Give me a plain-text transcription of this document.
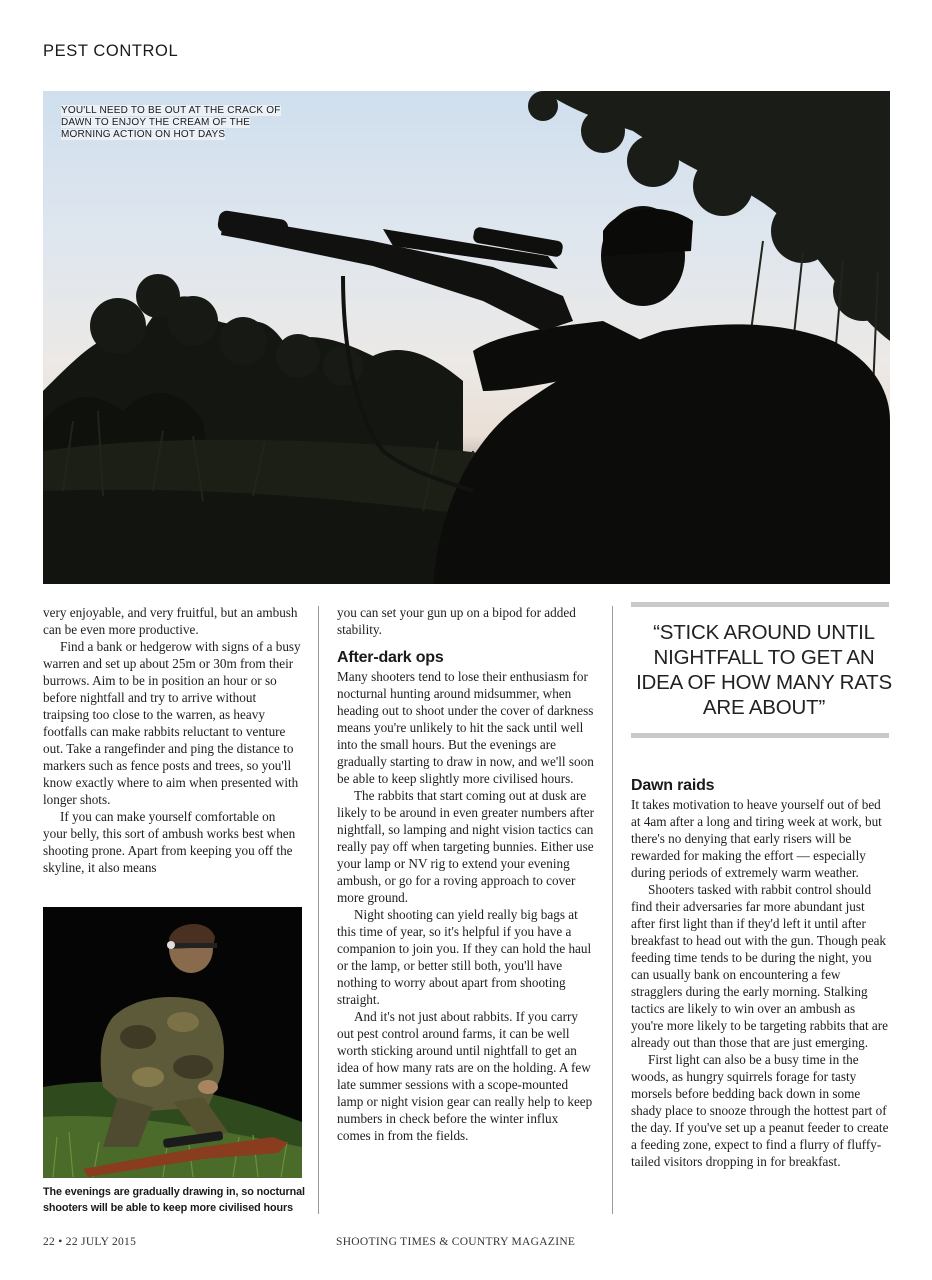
PEST CONTROL
YOU'LL NEED TO BE OUT AT THE CRACK OF DAWN TO ENJOY THE CREAM OF THE MORNING ACTION ON HOT DAYS

very enjoyable, and very fruitful, but an ambush can be even more productive.

Find a bank or hedgerow with signs of a busy warren and set up about 25m or 30m from their burrows. Aim to be in position an hour or so before nightfall and try to arrive without traipsing too close to the warren, as heavy footfalls can make rabbits reluctant to venture out. Take a rangefinder and ping the distance to markers such as fence posts and trees, so you'll know exactly where to aim when presented with longer shots.

If you can make yourself comfortable on your belly, this sort of ambush works best when shooting prone. Apart from keeping you off the skyline, it also means

The evenings are gradually drawing in, so nocturnal shooters will be able to keep more civilised hours

you can set your gun up on a bipod for added stability.

After-dark ops

Many shooters tend to lose their enthusiasm for nocturnal hunting around midsummer, when heading out to shoot under the cover of darkness means you're unlikely to hit the sack until well into the small hours. But the evenings are gradually starting to draw in now, and we'll soon be able to keep slightly more civilised hours.

The rabbits that start coming out at dusk are likely to be around in even greater numbers after nightfall, so lamping and night vision tactics can really pay off when targeting bunnies. Either use your lamp or NV rig to extend your evening ambush, or go for a roving approach to cover more ground.

Night shooting can yield really big bags at this time of year, so it's helpful if you have a companion to join you. If they can hold the haul or the lamp, or better still both, you'll have nothing to worry about apart from shooting straight.

And it's not just about rabbits. If you carry out pest control around farms, it can be well worth sticking around until nightfall to get an idea of how many rats are on the holding. A few late summer sessions with a scope-mounted lamp or night vision gear can really help to keep numbers in check before the winter influx comes in from the fields.

“STICK AROUND UNTIL NIGHTFALL TO GET AN IDEA OF HOW MANY RATS ARE ABOUT”
Dawn raids

It takes motivation to heave yourself out of bed at 4am after a long and tiring week at work, but there's no denying that early risers will be rewarded for making the effort — especially during periods of extremely warm weather.

Shooters tasked with rabbit control should find their adversaries far more abundant just after first light than if they'd left it until after breakfast to head out with the gun. Though peak feeding time tends to be during the night, you can usually bank on encountering a few stragglers during the early morning. Stalking tactics are likely to win over an ambush as you're more likely to be targeting rabbits that are already out than those that are just emerging.

First light can also be a busy time in the woods, as hungry squirrels forage for tasty morsels before bedding back down in some shady place to snooze through the hottest part of the day. If you've set up a peanut feeder to create a feeding zone, expect to find a flurry of fluffy-tailed visitors dropping in for breakfast.

22 • 22 JULY 2015	SHOOTING TIMES & COUNTRY MAGAZINE
